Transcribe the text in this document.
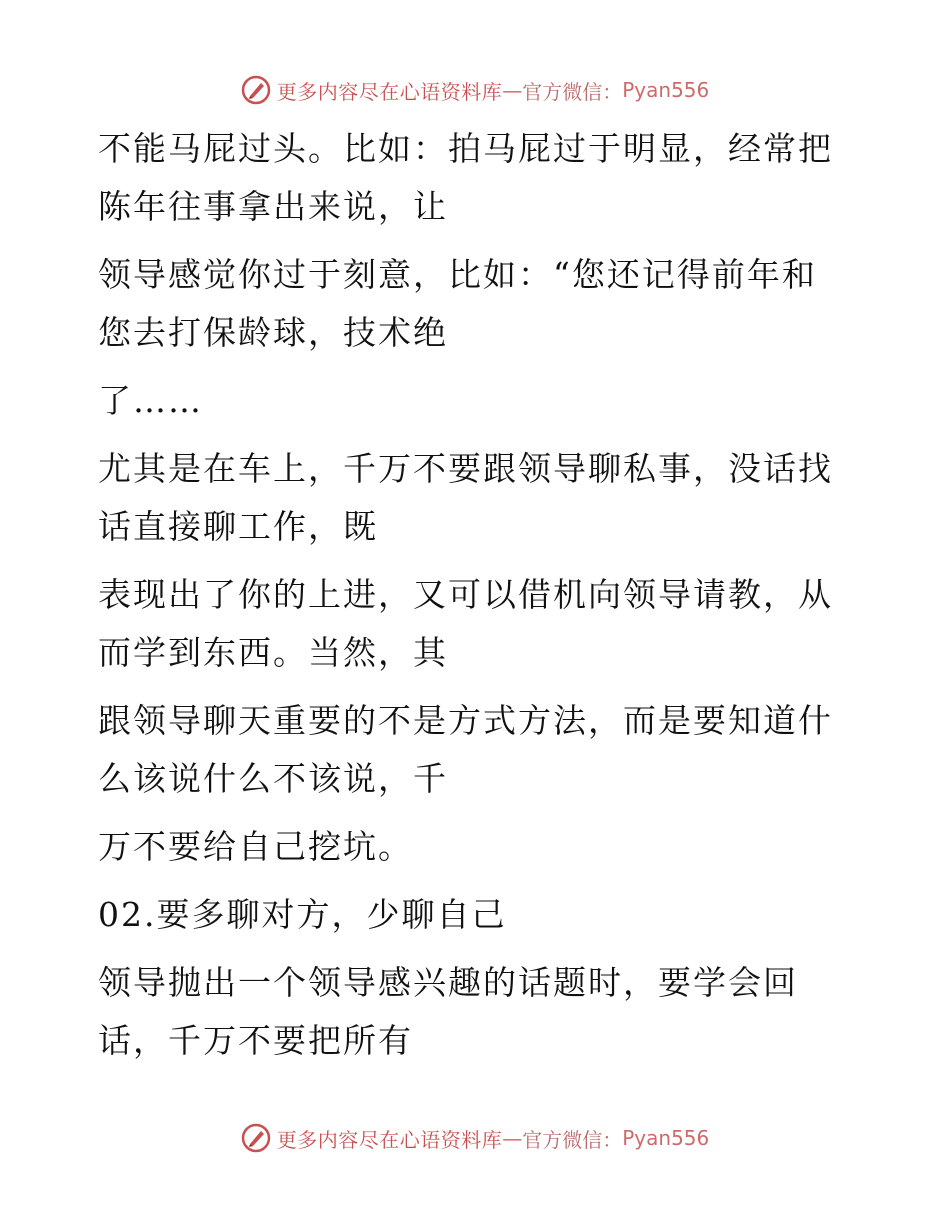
更多内容尽在心语资料库 — 官方微信： Pyan556
不能马屁过头。比如：拍马屁过于明显，经常把
陈年往事拿出来说，让
领导感觉你过于刻意，比如：“您还记得前年和
您去打保龄球，技术绝
了……
尤其是在车上，千万不要跟领导聊私事，没话找
话直接聊工作，既
表现出了你的上进，又可以借机向领导请教，从
而学到东西。当然，其
跟领导聊天重要的不是方式方法，而是要知道什
么该说什么不该说，千
万不要给自己挖坑。
02.要多聊对方，少聊自己
领导抛出一个领导感兴趣的话题时，要学会回
话，千万不要把所有
更多内容尽在心语资料库 — 官方微信： Pyan556
